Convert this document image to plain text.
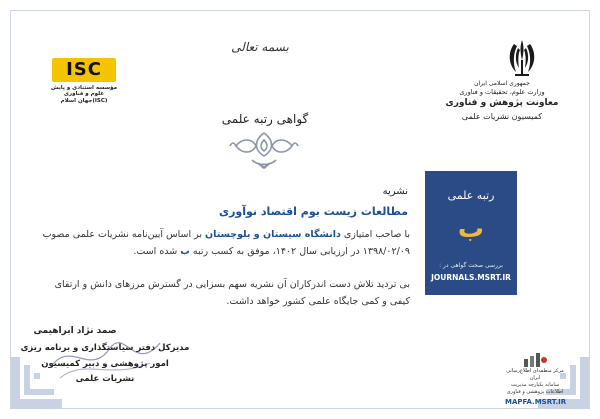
بسمه تعالی
ISC
مؤسسه استنادی و پایش علوم و فناوری
جهان اسلام(ISC)
جمهوری اسلامی ایران
وزارت علوم، تحقیقات و فناوری
معاونت پژوهش و فناوری
کمیسیون نشریات علمی
گواهی رتبه علمی
نشریه
مطالعات زیست بوم اقتصاد نوآوری
با صاحب امتیازی دانشگاه سیستان و بلوچستان بر اساس آیین‌نامه‌ نشریات علمی مصوب
۱۳۹۸/۰۲/۰۹ در ارزیابی سال ۱۴۰۲، موفق به کسب رتبه ب شده است.
بی تردید تلاش دست اندرکاران آن نشریه سهم بسزایی در گسترش مرزهای دانش و ارتقای
کیفی و کمی جایگاه علمی کشور خواهد داشت.
رتبه علمی
ب
بررسی صحت گواهی در :
JOURNALS.MSRT.IR
صمد نژاد ابراهیمی
مدیرکل دفتر سیاستگذاری و برنامه ریزی
امور پژوهشی و دبیر کمیسیون
نشریات علمی
مرکز منطقه‌ای اطلاع‌رسانی ایران
سامانه یکپارچه مدیریت اطلاعات پژوهشی و فناوری
MAPFA.MSRT.IR
